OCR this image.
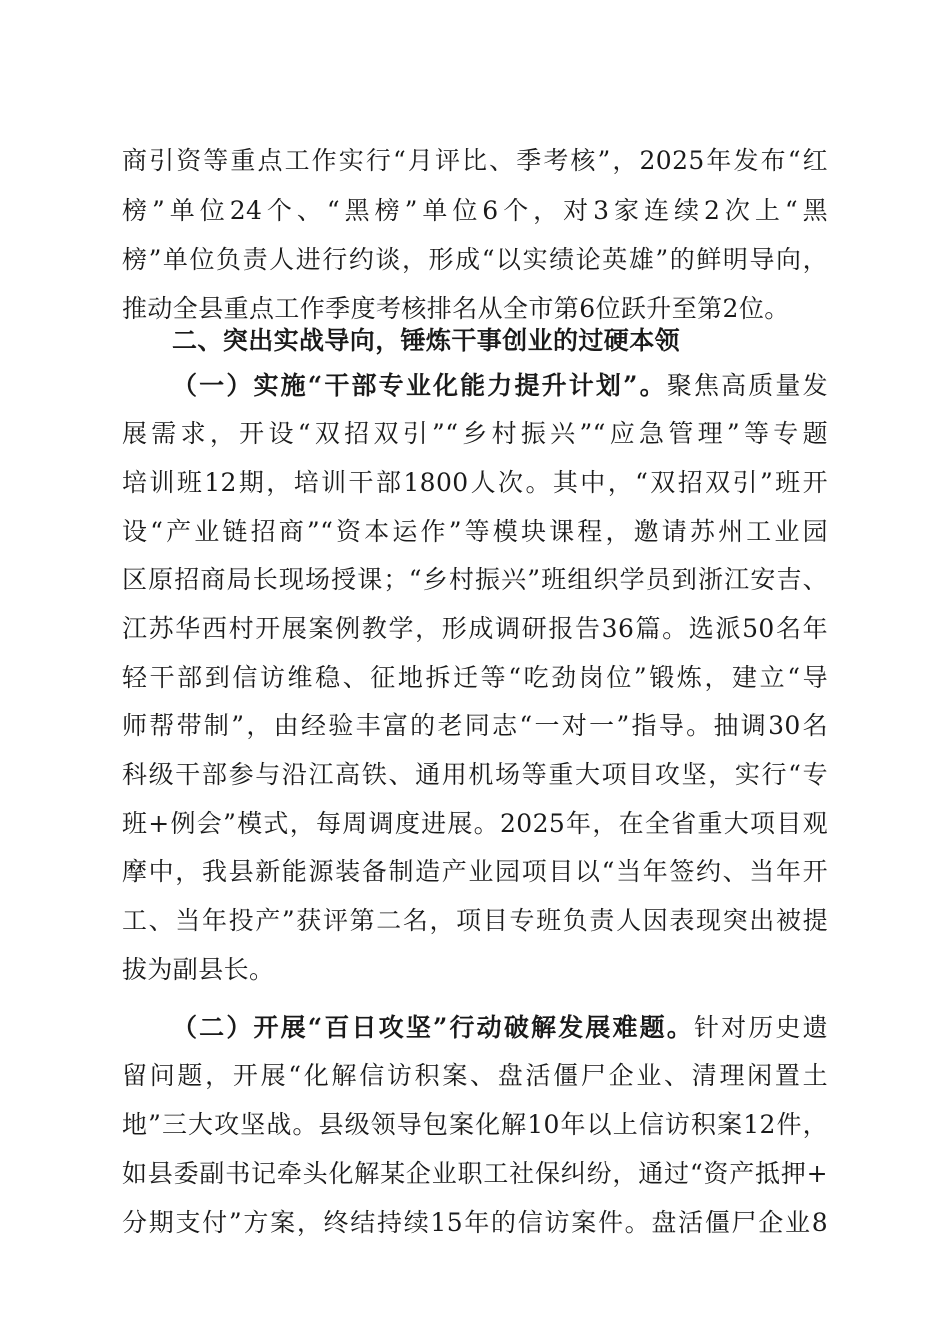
商引资等重点工作实行“月评比、季考核”，2025年发布“红
榜”单位24个、“黑榜”单位6个，对3家连续2次上“黑
榜”单位负责人进行约谈，形成“以实绩论英雄”的鲜明导向，
推动全县重点工作季度考核排名从全市第6位跃升至第2位。
二、突出实战导向，锤炼干事创业的过硬本领
（一）实施“干部专业化能力提升计划”。聚焦高质量发
展需求，开设“双招双引”“乡村振兴”“应急管理”等专题
培训班12期，培训干部1800人次。其中，“双招双引”班开
设“产业链招商”“资本运作”等模块课程，邀请苏州工业园
区原招商局长现场授课；“乡村振兴”班组织学员到浙江安吉、
江苏华西村开展案例教学，形成调研报告36篇。选派50名年
轻干部到信访维稳、征地拆迁等“吃劲岗位”锻炼，建立“导
师帮带制”，由经验丰富的老同志“一对一”指导。抽调30名
科级干部参与沿江高铁、通用机场等重大项目攻坚，实行“专
班+例会”模式，每周调度进展。2025年，在全省重大项目观
摩中，我县新能源装备制造产业园项目以“当年签约、当年开
工、当年投产”获评第二名，项目专班负责人因表现突出被提
拔为副县长。
（二）开展“百日攻坚”行动破解发展难题。针对历史遗
留问题，开展“化解信访积案、盘活僵尸企业、清理闲置土
地”三大攻坚战。县级领导包案化解10年以上信访积案12件，
如县委副书记牵头化解某企业职工社保纠纷，通过“资产抵押+
分期支付”方案，终结持续15年的信访案件。盘活僵尸企业8
